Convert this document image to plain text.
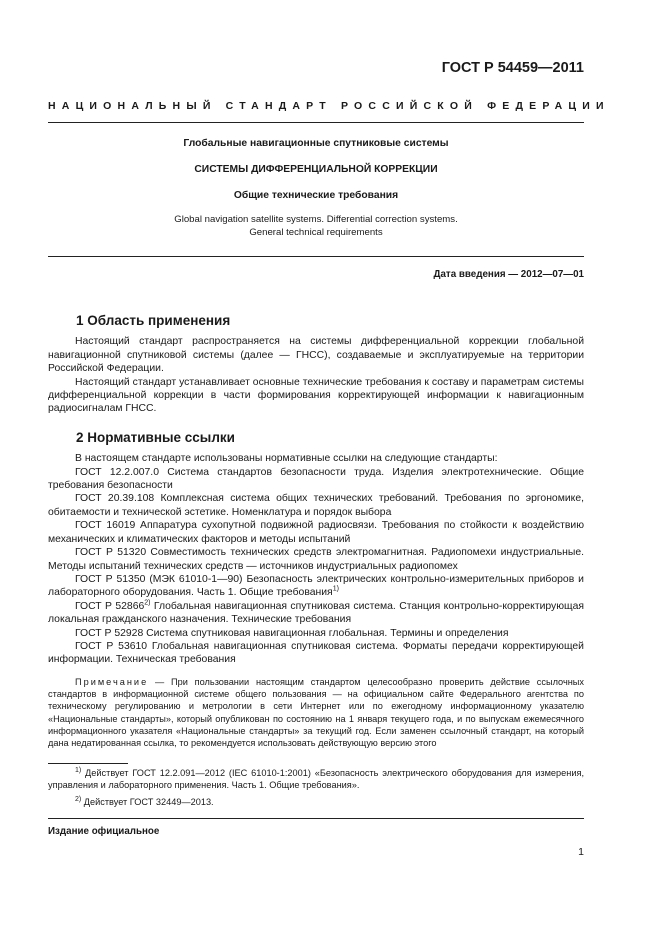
ГОСТ Р 54459—2011
НАЦИОНАЛЬНЫЙ СТАНДАРТ РОССИЙСКОЙ ФЕДЕРАЦИИ

Глобальные навигационные спутниковые системы

СИСТЕМЫ ДИФФЕРЕНЦИАЛЬНОЙ КОРРЕКЦИИ

Общие технические требования

Global navigation satellite systems. Differential correction systems.
General technical requirements

Дата введения — 2012—07—01
1 Область применения

Настоящий стандарт распространяется на системы дифференциальной коррекции глобальной навигационной спутниковой системы (далее — ГНСС), создаваемые и эксплуатируемые на территории Российской Федерации.

Настоящий стандарт устанавливает основные технические требования к составу и параметрам системы дифференциальной коррекции в части формирования корректирующей информации к навигационным радиосигналам ГНСС.

2 Нормативные ссылки

В настоящем стандарте использованы нормативные ссылки на следующие стандарты:

ГОСТ 12.2.007.0 Система стандартов безопасности труда. Изделия электротехнические. Общие требования безопасности

ГОСТ 20.39.108 Комплексная система общих технических требований. Требования по эргономике, обитаемости и технической эстетике. Номенклатура и порядок выбора

ГОСТ 16019 Аппаратура сухопутной подвижной радиосвязи. Требования по стойкости к воздействию механических и климатических факторов и методы испытаний

ГОСТ Р 51320 Совместимость технических средств электромагнитная. Радиопомехи индустриальные. Методы испытаний технических средств — источников индустриальных радиопомех

ГОСТ Р 51350 (МЭК 61010-1—90) Безопасность электрических контрольно-измерительных приборов и лабораторного оборудования. Часть 1. Общие требования$^{1)}$

ГОСТ Р 52866$^{2)}$ Глобальная навигационная спутниковая система. Станция контрольно-корректирующая локальная гражданского назначения. Технические требования

ГОСТ Р 52928 Система спутниковая навигационная глобальная. Термины и определения

ГОСТ Р 53610 Глобальная навигационная спутниковая система. Форматы передачи корректирующей информации. Техническая требования

Примечание — При пользовании настоящим стандартом целесообразно проверить действие ссылочных стандартов в информационной системе общего пользования — на официальном сайте Федерального агентства по техническому регулированию и метрологии в сети Интернет или по ежегодному информационному указателю «Национальные стандарты», который опубликован по состоянию на 1 января текущего года, и по выпускам ежемесячного информационного указателя «Национальные стандарты» за текущий год. Если заменен ссылочный стандарт, на который дана недатированная ссылка, то рекомендуется использовать действующую версию этого

$^{1)}$ Действует ГОСТ 12.2.091—2012 (IEC 61010-1:2001) «Безопасность электрического оборудования для измерения, управления и лабораторного применения. Часть 1. Общие требования».

$^{2)}$ Действует ГОСТ 32449—2013.

Издание официальное
1
